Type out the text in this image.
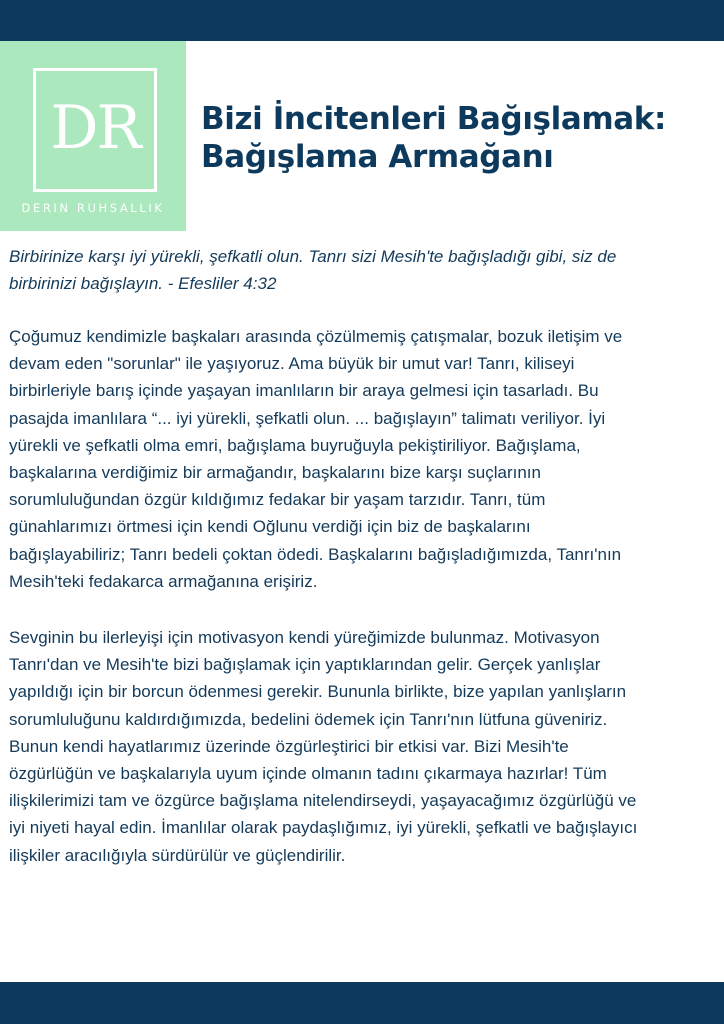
DR
DERIN RUHSALLIK
Bizi İncitenleri Bağışlamak:
Bağışlama Armağanı
Birbirinize karşı iyi yürekli, şefkatli olun. Tanrı sizi Mesih'te bağışladığı gibi, siz de
birbirinizi bağışlayın. - Efesliler 4:32
Çoğumuz kendimizle başkaları arasında çözülmemiş çatışmalar, bozuk iletişim ve
devam eden "sorunlar" ile yaşıyoruz. Ama büyük bir umut var! Tanrı, kiliseyi
birbirleriyle barış içinde yaşayan imanlıların bir araya gelmesi için tasarladı. Bu
pasajda imanlılara “... iyi yürekli, şefkatli olun. ... bağışlayın” talimatı veriliyor. İyi
yürekli ve şefkatli olma emri, bağışlama buyruğuyla pekiştiriliyor. Bağışlama,
başkalarına verdiğimiz bir armağandır, başkalarını bize karşı suçlarının
sorumluluğundan özgür kıldığımız fedakar bir yaşam tarzıdır. Tanrı, tüm
günahlarımızı örtmesi için kendi Oğlunu verdiği için biz de başkalarını
bağışlayabiliriz; Tanrı bedeli çoktan ödedi. Başkalarını bağışladığımızda, Tanrı'nın
Mesih'teki fedakarca armağanına erişiriz.
Sevginin bu ilerleyişi için motivasyon kendi yüreğimizde bulunmaz. Motivasyon
Tanrı'dan ve Mesih'te bizi bağışlamak için yaptıklarından gelir. Gerçek yanlışlar
yapıldığı için bir borcun ödenmesi gerekir. Bununla birlikte, bize yapılan yanlışların
sorumluluğunu kaldırdığımızda, bedelini ödemek için Tanrı'nın lütfuna güveniriz.
Bunun kendi hayatlarımız üzerinde özgürleştirici bir etkisi var. Bizi Mesih'te
özgürlüğün ve başkalarıyla uyum içinde olmanın tadını çıkarmaya hazırlar! Tüm
ilişkilerimizi tam ve özgürce bağışlama nitelendirseydi, yaşayacağımız özgürlüğü ve
iyi niyeti hayal edin. İmanlılar olarak paydaşlığımız, iyi yürekli, şefkatli ve bağışlayıcı
ilişkiler aracılığıyla sürdürülür ve güçlendirilir.
